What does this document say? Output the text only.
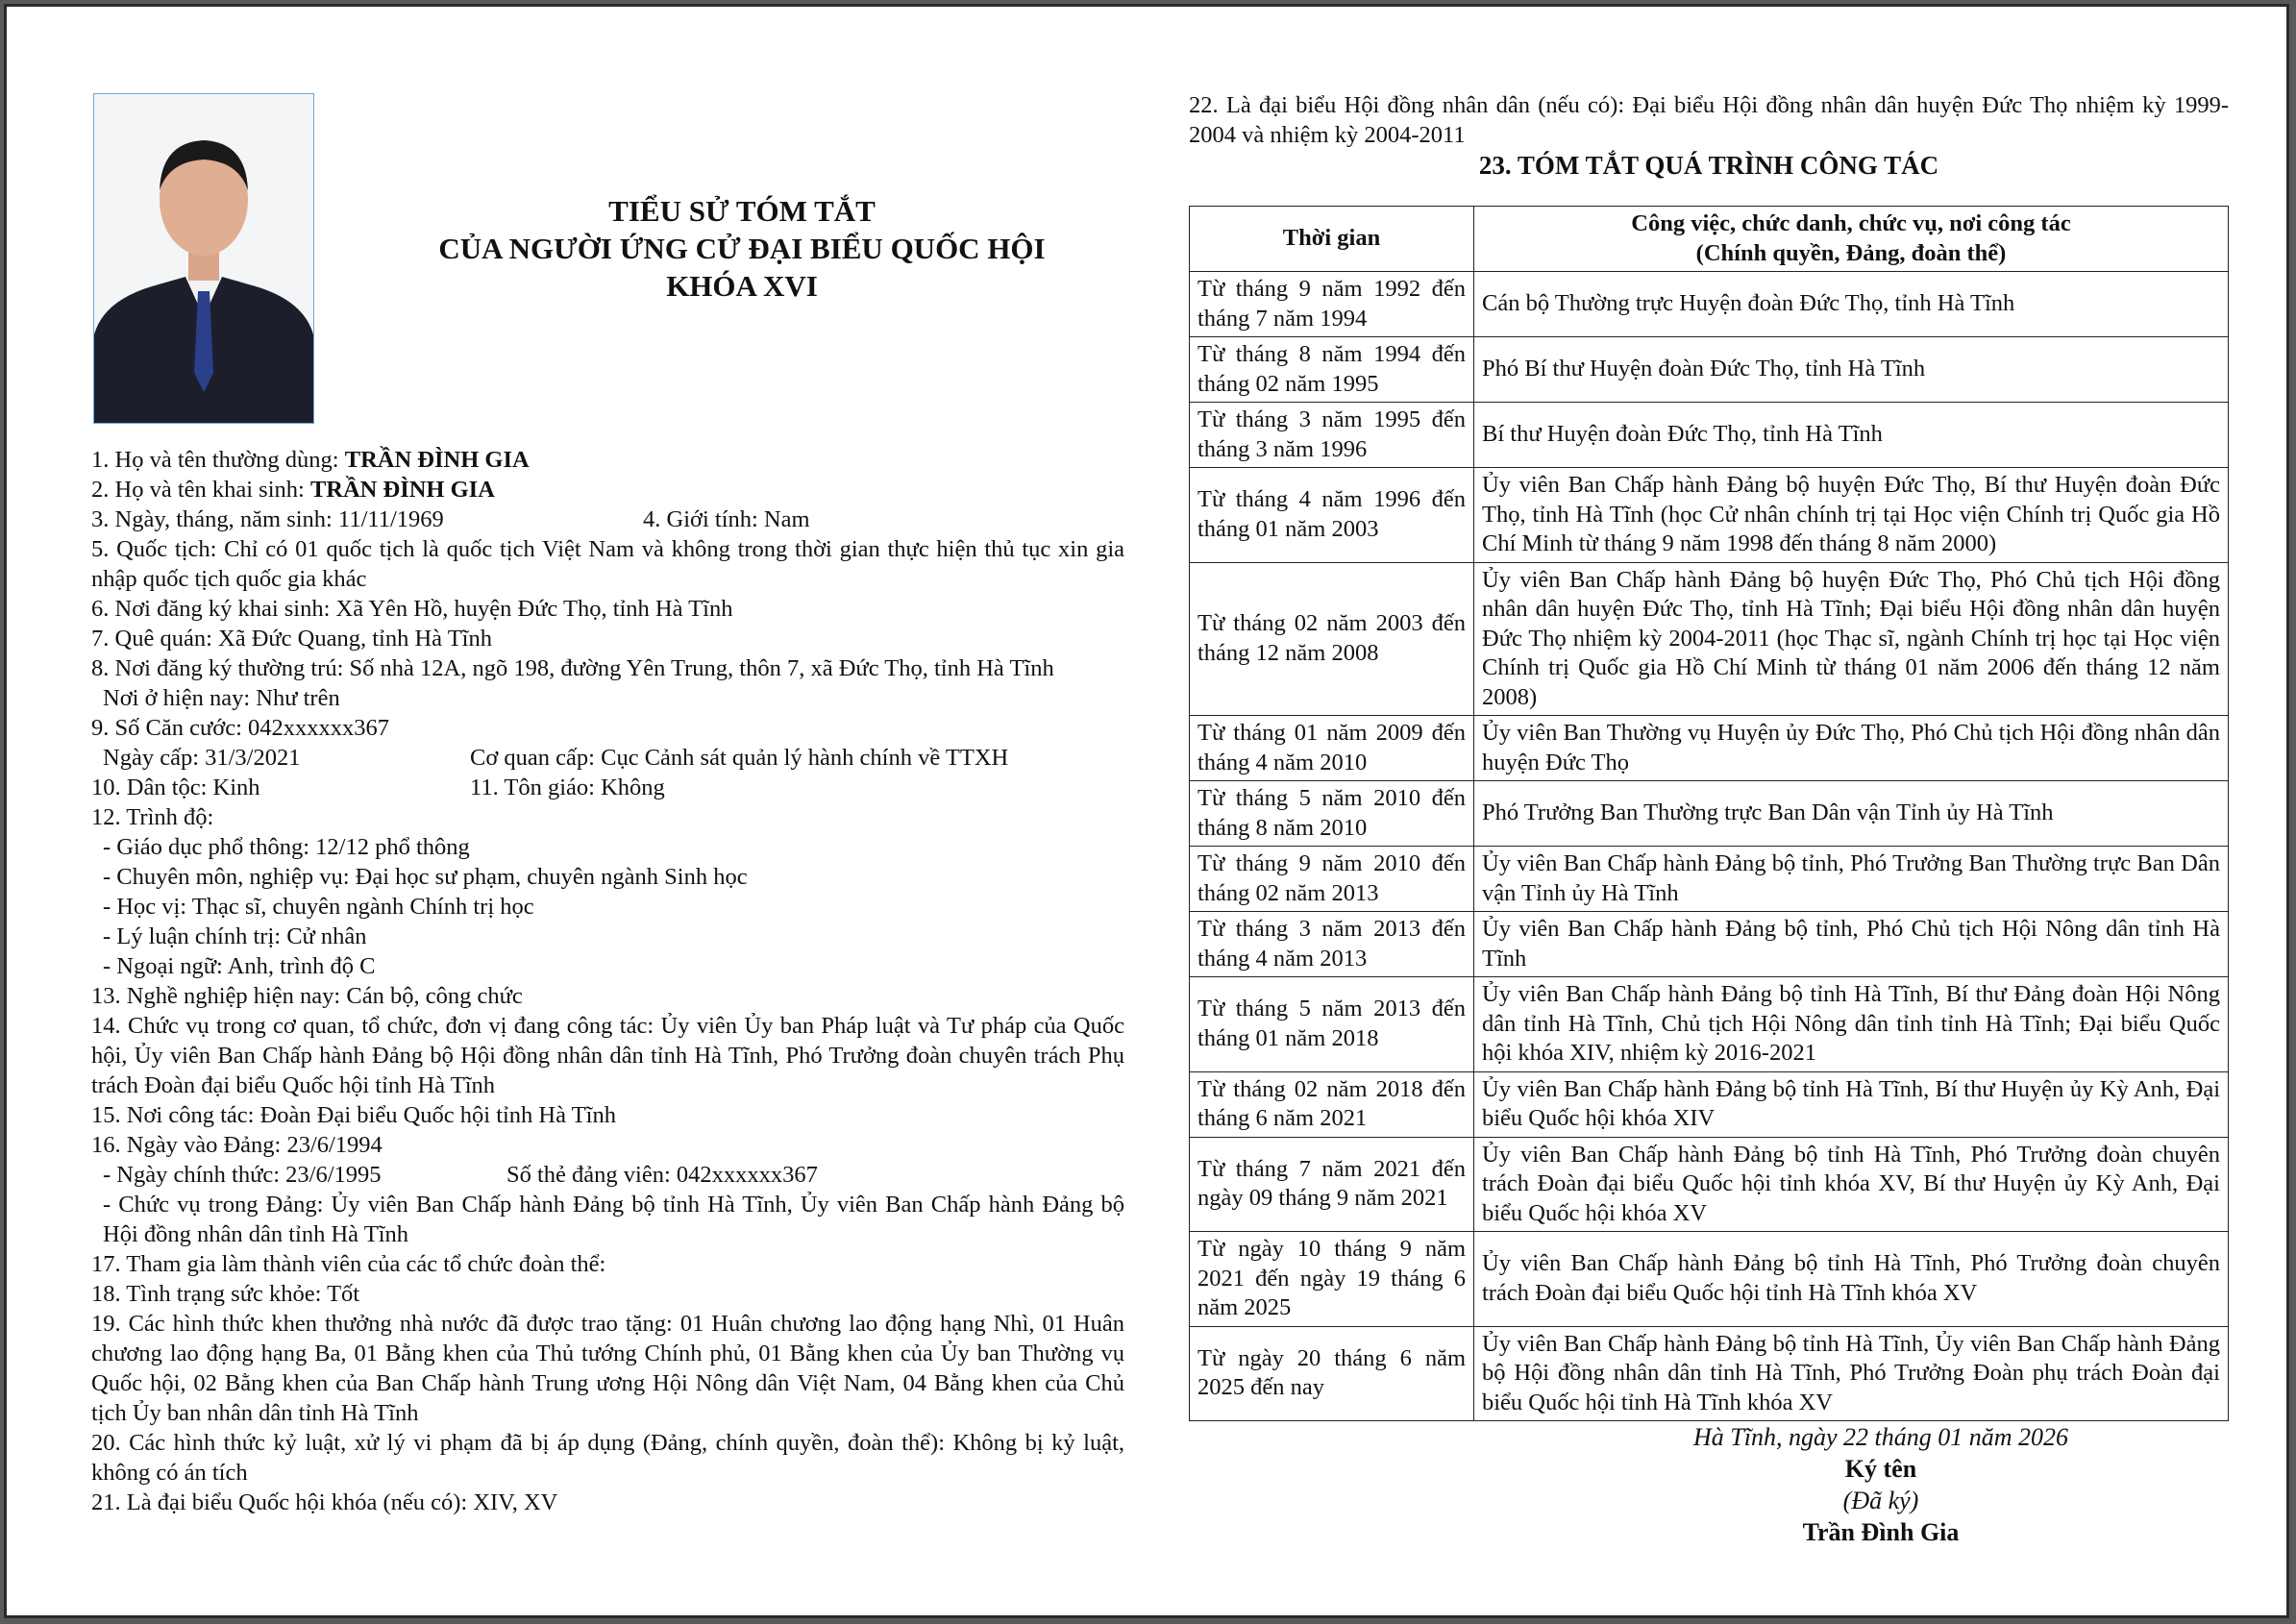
TIỂU SỬ TÓM TẮT
CỦA NGƯỜI ỨNG CỬ ĐẠI BIỂU QUỐC HỘI
KHÓA XVI

1. Họ và tên thường dùng: TRẦN ĐÌNH GIA

2. Họ và tên khai sinh: TRẦN ĐÌNH GIA

3. Ngày, tháng, năm sinh: 11/11/1969	4. Giới tính: Nam

5. Quốc tịch: Chỉ có 01 quốc tịch là quốc tịch Việt Nam và không trong thời gian thực hiện thủ tục xin gia nhập quốc tịch quốc gia khác

6. Nơi đăng ký khai sinh: Xã Yên Hồ, huyện Đức Thọ, tỉnh Hà Tĩnh

7. Quê quán: Xã Đức Quang, tỉnh Hà Tĩnh

8. Nơi đăng ký thường trú: Số nhà 12A, ngõ 198, đường Yên Trung, thôn 7, xã Đức Thọ, tỉnh Hà Tĩnh

Nơi ở hiện nay: Như trên

9. Số Căn cước: 042xxxxxx367

Ngày cấp: 31/3/2021	Cơ quan cấp: Cục Cảnh sát quản lý hành chính về TTXH

10. Dân tộc: Kinh	11. Tôn giáo: Không

12. Trình độ:

- Giáo dục phổ thông: 12/12 phổ thông

- Chuyên môn, nghiệp vụ: Đại học sư phạm, chuyên ngành Sinh học

- Học vị: Thạc sĩ, chuyên ngành Chính trị học

- Lý luận chính trị: Cử nhân

- Ngoại ngữ: Anh, trình độ C

13. Nghề nghiệp hiện nay: Cán bộ, công chức

14. Chức vụ trong cơ quan, tổ chức, đơn vị đang công tác: Ủy viên Ủy ban Pháp luật và Tư pháp của Quốc hội, Ủy viên Ban Chấp hành Đảng bộ Hội đồng nhân dân tỉnh Hà Tĩnh, Phó Trưởng đoàn chuyên trách Phụ trách Đoàn đại biểu Quốc hội tỉnh Hà Tĩnh

15. Nơi công tác: Đoàn Đại biểu Quốc hội tỉnh Hà Tĩnh

16. Ngày vào Đảng: 23/6/1994

- Ngày chính thức: 23/6/1995	Số thẻ đảng viên: 042xxxxxx367

- Chức vụ trong Đảng: Ủy viên Ban Chấp hành Đảng bộ tỉnh Hà Tĩnh, Ủy viên Ban Chấp hành Đảng bộ Hội đồng nhân dân tỉnh Hà Tĩnh

17. Tham gia làm thành viên của các tổ chức đoàn thể:

18. Tình trạng sức khỏe: Tốt

19. Các hình thức khen thưởng nhà nước đã được trao tặng: 01 Huân chương lao động hạng Nhì, 01 Huân chương lao động hạng Ba, 01 Bằng khen của Thủ tướng Chính phủ, 01 Bằng khen của Ủy ban Thường vụ Quốc hội, 02 Bằng khen của Ban Chấp hành Trung ương Hội Nông dân Việt Nam, 04 Bằng khen của Chủ tịch Ủy ban nhân dân tỉnh Hà Tĩnh

20. Các hình thức kỷ luật, xử lý vi phạm đã bị áp dụng (Đảng, chính quyền, đoàn thể): Không bị kỷ luật, không có án tích

21. Là đại biểu Quốc hội khóa (nếu có): XIV, XV

22. Là đại biểu Hội đồng nhân dân (nếu có): Đại biểu Hội đồng nhân dân huyện Đức Thọ nhiệm kỳ 1999-2004 và nhiệm kỳ 2004-2011

23. TÓM TẮT QUÁ TRÌNH CÔNG TÁC

Thời gian	Công việc, chức danh, chức vụ, nơi công tác
(Chính quyền, Đảng, đoàn thể)

Từ tháng 9 năm 1992 đến tháng 7 năm 1994	Cán bộ Thường trực Huyện đoàn Đức Thọ, tỉnh Hà Tĩnh
Từ tháng 8 năm 1994 đến tháng 02 năm 1995	Phó Bí thư Huyện đoàn Đức Thọ, tỉnh Hà Tĩnh
Từ tháng 3 năm 1995 đến tháng 3 năm 1996	Bí thư Huyện đoàn Đức Thọ, tỉnh Hà Tĩnh
Từ tháng 4 năm 1996 đến tháng 01 năm 2003	Ủy viên Ban Chấp hành Đảng bộ huyện Đức Thọ, Bí thư Huyện đoàn Đức Thọ, tỉnh Hà Tĩnh (học Cử nhân chính trị tại Học viện Chính trị Quốc gia Hồ Chí Minh từ tháng 9 năm 1998 đến tháng 8 năm 2000)
Từ tháng 02 năm 2003 đến tháng 12 năm 2008	Ủy viên Ban Chấp hành Đảng bộ huyện Đức Thọ, Phó Chủ tịch Hội đồng nhân dân huyện Đức Thọ, tỉnh Hà Tĩnh; Đại biểu Hội đồng nhân dân huyện Đức Thọ nhiệm kỳ 2004-2011 (học Thạc sĩ, ngành Chính trị học tại Học viện Chính trị Quốc gia Hồ Chí Minh từ tháng 01 năm 2006 đến tháng 12 năm 2008)
Từ tháng 01 năm 2009 đến tháng 4 năm 2010	Ủy viên Ban Thường vụ Huyện ủy Đức Thọ, Phó Chủ tịch Hội đồng nhân dân huyện Đức Thọ
Từ tháng 5 năm 2010 đến tháng 8 năm 2010	Phó Trưởng Ban Thường trực Ban Dân vận Tỉnh ủy Hà Tĩnh
Từ tháng 9 năm 2010 đến tháng 02 năm 2013	Ủy viên Ban Chấp hành Đảng bộ tỉnh, Phó Trưởng Ban Thường trực Ban Dân vận Tỉnh ủy Hà Tĩnh
Từ tháng 3 năm 2013 đến tháng 4 năm 2013	Ủy viên Ban Chấp hành Đảng bộ tỉnh, Phó Chủ tịch Hội Nông dân tỉnh Hà Tĩnh
Từ tháng 5 năm 2013 đến tháng 01 năm 2018	Ủy viên Ban Chấp hành Đảng bộ tỉnh Hà Tĩnh, Bí thư Đảng đoàn Hội Nông dân tỉnh Hà Tĩnh, Chủ tịch Hội Nông dân tỉnh tỉnh Hà Tĩnh; Đại biểu Quốc hội khóa XIV, nhiệm kỳ 2016-2021
Từ tháng 02 năm 2018 đến tháng 6 năm 2021	Ủy viên Ban Chấp hành Đảng bộ tỉnh Hà Tĩnh, Bí thư Huyện ủy Kỳ Anh, Đại biểu Quốc hội khóa XIV
Từ tháng 7 năm 2021 đến ngày 09 tháng 9 năm 2021	Ủy viên Ban Chấp hành Đảng bộ tỉnh Hà Tĩnh, Phó Trưởng đoàn chuyên trách Đoàn đại biểu Quốc hội tỉnh khóa XV, Bí thư Huyện ủy Kỳ Anh, Đại biểu Quốc hội khóa XV
Từ ngày 10 tháng 9 năm 2021 đến ngày 19 tháng 6 năm 2025	Ủy viên Ban Chấp hành Đảng bộ tỉnh Hà Tĩnh, Phó Trưởng đoàn chuyên trách Đoàn đại biểu Quốc hội tỉnh Hà Tĩnh khóa XV
Từ ngày 20 tháng 6 năm 2025 đến nay	Ủy viên Ban Chấp hành Đảng bộ tỉnh Hà Tĩnh, Ủy viên Ban Chấp hành Đảng bộ Hội đồng nhân dân tỉnh Hà Tĩnh, Phó Trưởng Đoàn phụ trách Đoàn đại biểu Quốc hội tỉnh Hà Tĩnh khóa XV
Hà Tĩnh, ngày 22 tháng 01 năm 2026
Ký tên
(Đã ký)
Trần Đình Gia
